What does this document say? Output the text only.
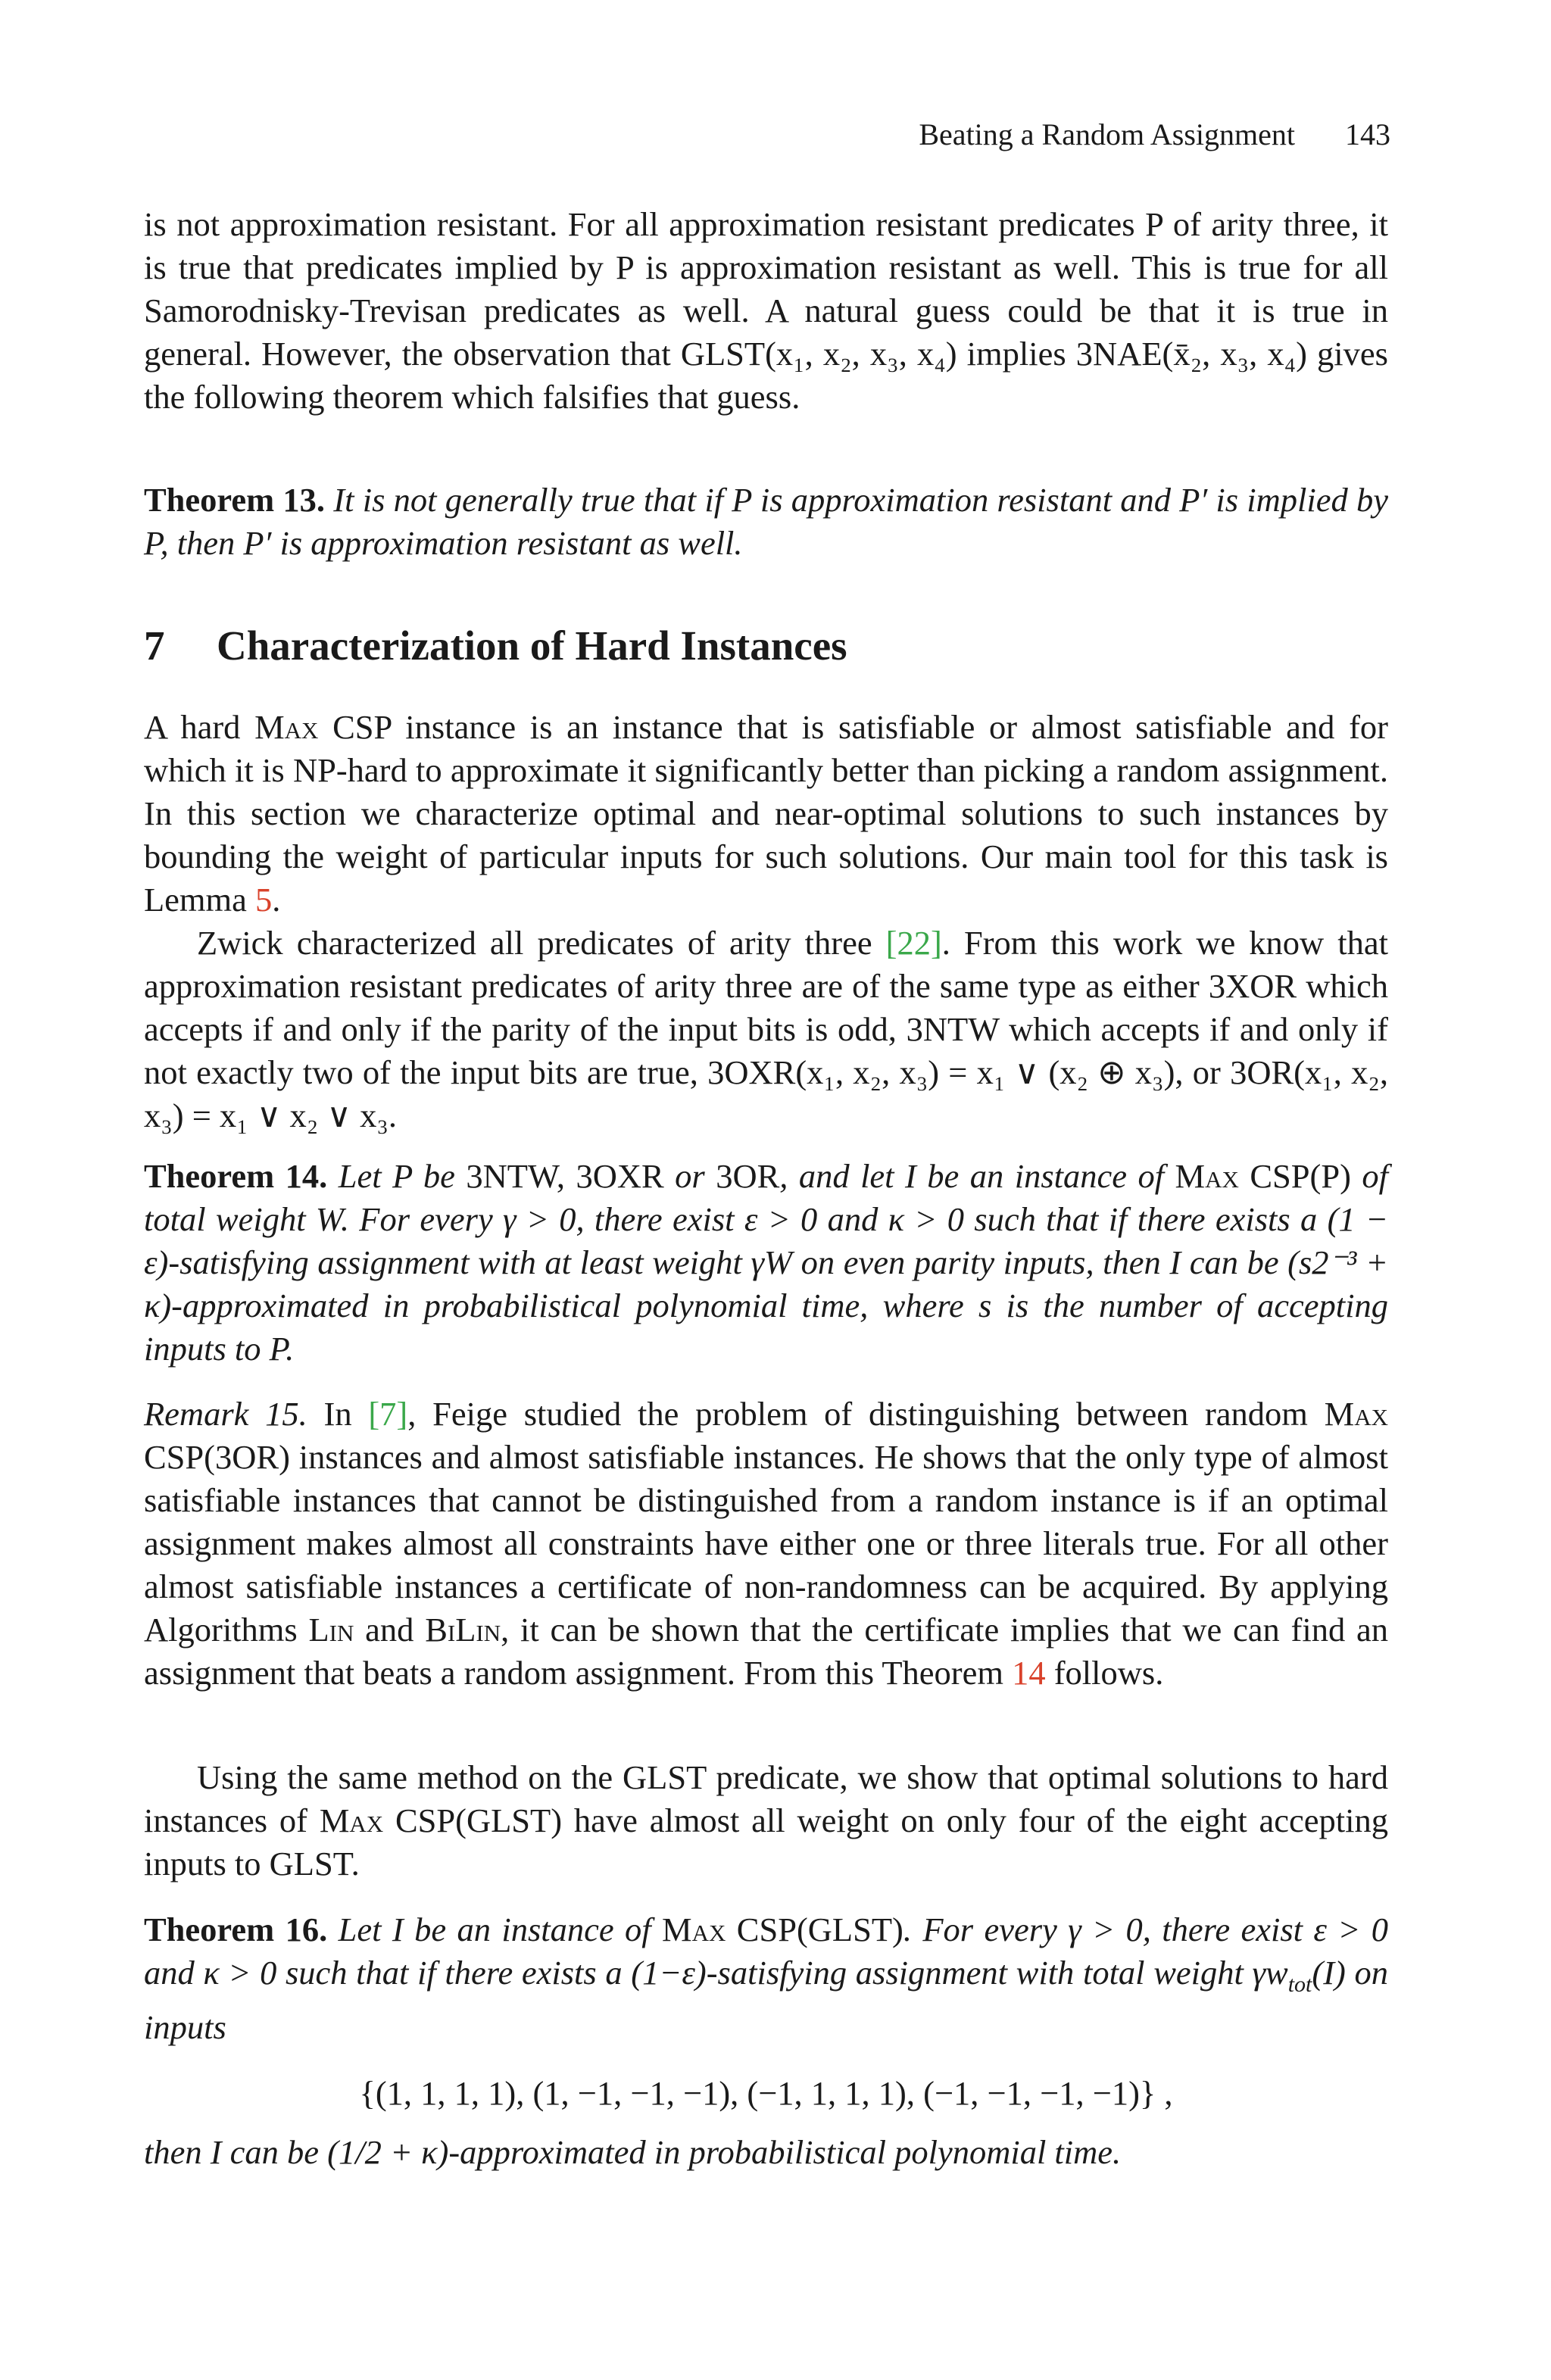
Beating a Random Assignment 143

is not approximation resistant. For all approximation resistant predicates P of arity three, it is true that predicates implied by P is approximation resistant as well. This is true for all Samorodnisky-Trevisan predicates as well. A natural guess could be that it is true in general. However, the observation that GLST(x₁, x₂, x₃, x₄) implies 3NAE(x̄₂, x₃, x₄) gives the following theorem which falsifies that guess.

Theorem 13. It is not generally true that if P is approximation resistant and P′ is implied by P, then P′ is approximation resistant as well.

7 Characterization of Hard Instances

A hard Max CSP instance is an instance that is satisfiable or almost satisfiable and for which it is NP-hard to approximate it significantly better than picking a random assignment. In this section we characterize optimal and near-optimal solutions to such instances by bounding the weight of particular inputs for such solutions. Our main tool for this task is Lemma 5.

Zwick characterized all predicates of arity three [22]. From this work we know that approximation resistant predicates of arity three are of the same type as either 3XOR which accepts if and only if the parity of the input bits is odd, 3NTW which accepts if and only if not exactly two of the input bits are true, 3OXR(x₁, x₂, x₃) = x₁ ∨ (x₂ ⊕ x₃), or 3OR(x₁, x₂, x₃) = x₁ ∨ x₂ ∨ x₃.

Theorem 14. Let P be 3NTW, 3OXR or 3OR, and let I be an instance of Max CSP(P) of total weight W. For every γ > 0, there exist ε > 0 and κ > 0 such that if there exists a (1 − ε)-satisfying assignment with at least weight γW on even parity inputs, then I can be (s2⁻³ + κ)-approximated in probabilistical polynomial time, where s is the number of accepting inputs to P.

Remark 15. In [7], Feige studied the problem of distinguishing between random Max CSP(3OR) instances and almost satisfiable instances. He shows that the only type of almost satisfiable instances that cannot be distinguished from a random instance is if an optimal assignment makes almost all constraints have either one or three literals true. For all other almost satisfiable instances a certificate of non-randomness can be acquired. By applying Algorithms Lin and BiLin, it can be shown that the certificate implies that we can find an assignment that beats a random assignment. From this Theorem 14 follows.

Using the same method on the GLST predicate, we show that optimal solutions to hard instances of Max CSP(GLST) have almost all weight on only four of the eight accepting inputs to GLST.

Theorem 16. Let I be an instance of Max CSP(GLST). For every γ > 0, there exist ε > 0 and κ > 0 such that if there exists a (1−ε)-satisfying assignment with total weight $\gamma w_{tot}(I)$ on inputs

{(1, 1, 1, 1), (1, −1, −1, −1), (−1, 1, 1, 1), (−1, −1, −1, −1)} ,

then I can be (1/2 + κ)-approximated in probabilistical polynomial time.
